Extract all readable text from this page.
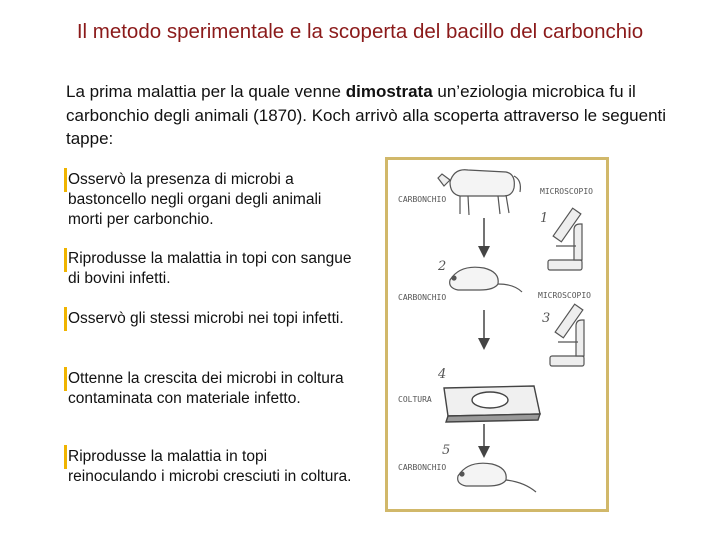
Il metodo sperimentale e la scoperta del bacillo del carbonchio
La prima malattia per la quale venne dimostrata un’eziologia microbica fu il carbonchio degli animali (1870). Koch arrivò alla scoperta attraverso le seguenti tappe:
Osservò la presenza di microbi a bastoncello negli organi degli animali morti per carbonchio.
Riprodusse la malattia in topi con sangue di bovini infetti.
Osservò gli stessi microbi nei topi infetti.
Ottenne la crescita dei microbi in coltura contaminata con materiale infetto.
Riprodusse la malattia in topi reinoculando i microbi cresciuti in coltura.
CARBONCHIO
MICROSCOPIO
1
2
CARBONCHIO	MICROSCOPIO
3
4
COLTURA
5
CARBONCHIO
